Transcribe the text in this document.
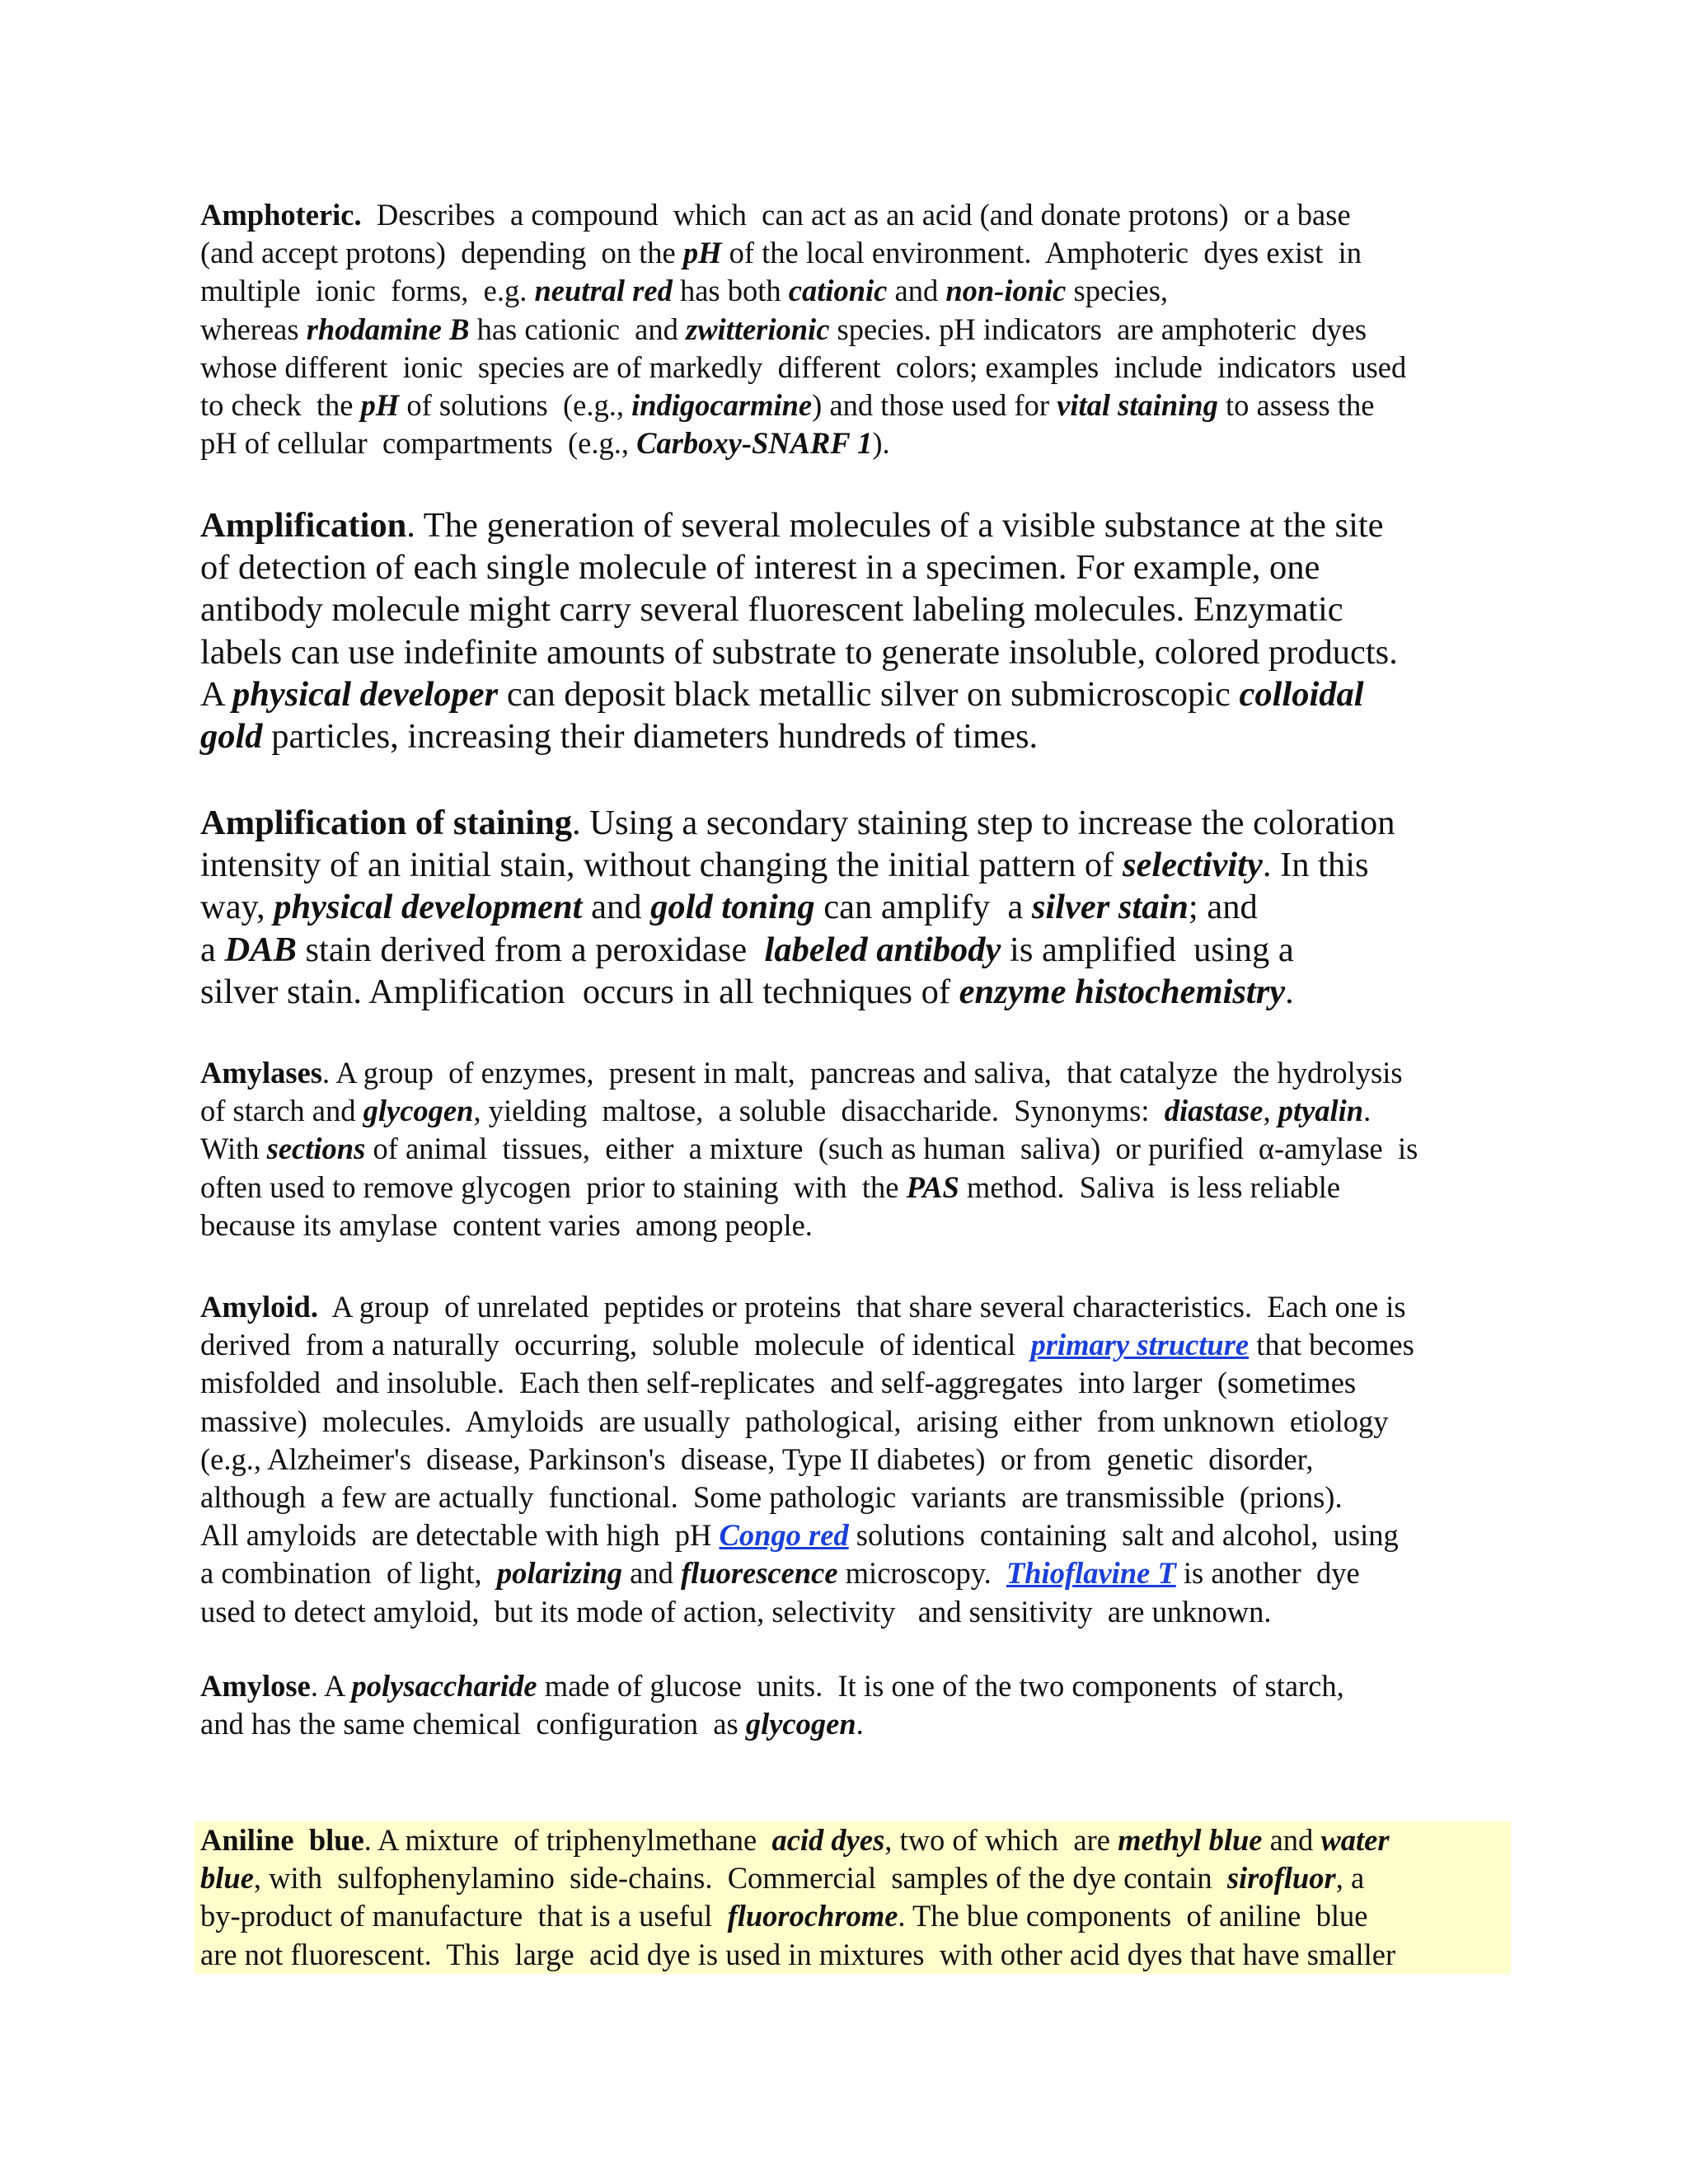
Amphoteric.  Describes  a compound  which  can act as an acid (and donate protons)  or a base
(and accept protons)  depending  on the pH of the local environment.  Amphoteric  dyes exist  in
multiple  ionic  forms,  e.g. neutral red has both cationic and non-ionic species,
whereas rhodamine B has cationic  and zwitterionic species. pH indicators  are amphoteric  dyes
whose different  ionic  species are of markedly  different  colors; examples  include  indicators  used
to check  the pH of solutions  (e.g., indigocarmine) and those used for vital staining to assess the
pH of cellular  compartments  (e.g., Carboxy-SNARF 1).

Amplification. The generation of several molecules of a visible substance at the site
of detection of each single molecule of interest in a specimen. For example, one
antibody molecule might carry several fluorescent labeling molecules. Enzymatic
labels can use indefinite amounts of substrate to generate insoluble, colored products.
A physical developer can deposit black metallic silver on submicroscopic colloidal
gold particles, increasing their diameters hundreds of times.

Amplification of staining. Using a secondary staining step to increase the coloration
intensity of an initial stain, without changing the initial pattern of selectivity. In this
way, physical development and gold toning can amplify  a silver stain; and
a DAB stain derived from a peroxidase  labeled antibody is amplified  using a
silver stain. Amplification  occurs in all techniques of enzyme histochemistry.

Amylases. A group  of enzymes,  present in malt,  pancreas and saliva,  that catalyze  the hydrolysis
of starch and glycogen, yielding  maltose,  a soluble  disaccharide.  Synonyms:  diastase, ptyalin.
With sections of animal  tissues,  either  a mixture  (such as human  saliva)  or purified  α-amylase  is
often used to remove glycogen  prior to staining  with  the PAS method.  Saliva  is less reliable
because its amylase  content varies  among people.

Amyloid.  A group  of unrelated  peptides or proteins  that share several characteristics.  Each one is
derived  from a naturally  occurring,  soluble  molecule  of identical  primary structure that becomes
misfolded  and insoluble.  Each then self-replicates  and self-aggregates  into larger  (sometimes
massive)  molecules.  Amyloids  are usually  pathological,  arising  either  from unknown  etiology
(e.g., Alzheimer's  disease, Parkinson's  disease, Type II diabetes)  or from  genetic  disorder,
although  a few are actually  functional.  Some pathologic  variants  are transmissible  (prions).
All amyloids  are detectable with high  pH Congo red solutions  containing  salt and alcohol,  using
a combination  of light,  polarizing and fluorescence microscopy.  Thioflavine T is another  dye
used to detect amyloid,  but its mode of action, selectivity   and sensitivity  are unknown.

Amylose. A polysaccharide made of glucose  units.  It is one of the two components  of starch,
and has the same chemical  configuration  as glycogen.

Aniline  blue. A mixture  of triphenylmethane  acid dyes, two of which  are methyl blue and water
blue, with  sulfophenylamino  side-chains.  Commercial  samples of the dye contain  sirofluor, a
by-product of manufacture  that is a useful  fluorochrome. The blue components  of aniline  blue
are not fluorescent.  This  large  acid dye is used in mixtures  with other acid dyes that have smaller
